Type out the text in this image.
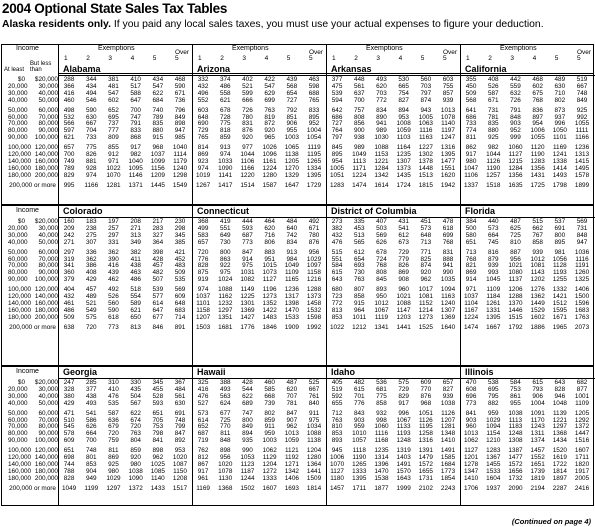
2004 Optional State Sales Tax Tables
Alaska residents only. If you paid any local sales taxes, you must use your actual expenses to figure your deduction.
Income
At least
But less than
Exemptions
1	2	3	4	5
Over 5
Exemptions
1	2	3	4	5
Over 5
Exemptions
1	2	3	4	5
Over 5
Exemptions
1	2	3	4	5
Over 5
Alabama	Arizona	Arkansas	California
$0 $20,000 288 344 381 410 434 468	332 374 402 422 439 463	377 448 493 530 560 603	355 408 442 468 489 519
20,000 30,000 366 434 481 517 547 590	432 486 521 547 568 598	475 561 620 665 703 755	450 526 559 602 630 667
30,000 40,000 416 494 547 588 622 671	496 558 599 629 654 688	539 637 703 754 797 857	509 587 632 675 710 748
40,000 50,000 460 546 602 647 684 736	552 621 666 699 727 765	594 700 772 827 874 939	568 671 726 768 802 849
50,000 60,000 498 590 652 700 740 796	603 678 726 763 792 833	642 757 834 894 943 1013	641 731 791 836 873 925
60,000 70,000 532 630 695 747 789 849	648 728 780 819 851 895	686 808 890 953 1005 1078	686 781 848 897 937 992
70,000 80,000 566 667 737 791 835 898	690 775 831 872 906 952	727 856 941 1008 1063 1140	733 835 903 954 996 1055
80,000 90,000 597 704 777 833 880 947	729 818 876 920 955 1004	764 900 989 1059 1116 1197	774 880 952 1006 1050 1111
90,000 100,000 621 733 809 868 915 985	765 859 920 965 1003 1054	797 938 1030 1103 1163 1247	811 925 999 1055 1101 1166
100,000 120,000 657 775 855 917 968 1040	814 913 977 1026 1065 1119	845 989 1088 1164 1227 1316	862 982 1060 1120 1169 1236
120,000 140,000 700 826 912 982 1037 1114	869 974 1044 1096 1138 1195	895 1049 1153 1235 1302 1395	917 1044 1127 1190 1241 1313
140,000 160,000 749 881 971 1040 1099 1179	923 1033 1106 1161 1205 1265	954 1113 1221 1307 1378 1477	980 1126 1215 1283 1338 1415
160,000 180,000 789 928 1022 1095 1156 1240	974 1090 1166 1224 1270 1334	1005 1171 1284 1373 1448 1551	1047 1190 1284 1356 1414 1495
180,000 200,000 829 974 1070 1146 1209 1298	1019 1141 1220 1280 1329 1395	1051 1224 1342 1435 1513 1620	1106 1257 1356 1431 1493 1578
200,000 or more	995 1166 1281 1371 1445 1549	1267 1417 1514 1587 1647 1729	1283 1474 1614 1724 1815 1942	1337 1518 1635 1725 1798 1899
Income	Colorado	Connecticut	District of Columbia	Florida
$0 $20,000 160 183 197 208 217 230	368 419 444 464 484 492	273 335 407 431 451 478	384 440 487 515 537 569
20,000 30,000 209 238 257 271 283 298	499 551 593 620 640 671	382 453 503 541 573 618	500 573 625 662 691 731
30,000 40,000 242 275 297 313 327 345	583 649 687 716 742 780	432 513 569 612 648 699	580 664 725 767 800 848
40,000 50,000 271 307 331 349 364 385	657 730 773 806 834 876	476 565 626 673 713 768	651 745 810 858 895 947
50,000 60,000 297 336 362 382 398 421	720 800 847 883 913 956	515 612 678 729 771 831	713 816 887 939 981 1036
60,000 70,000 319 362 390 411 428 452	776 863 914 951 984 1029	551 654 724 779 825 888	768 879 956 1012 1056 1116
70,000 80,000 341 386 416 438 457 483	828 922 975 1015 1049 1097	584 693 768 826 874 941	821 939 1021 1081 1128 1191
80,000 90,000 360 408 439 463 482 509	875 975 1031 1073 1109 1158	615 730 808 869 920 990	869 993 1080 1143 1193 1260
90,000 100,000 379 429 462 486 507 535	919 1024 1082 1127 1165 1216	643 763 845 908 962 1035	914 1045 1137 1202 1255 1325
100,000 120,000 404 457 492 518 539 569	974 1088 1149 1196 1236 1288	680 807 893 960 1017 1094	971 1109 1206 1276 1332 1406
120,000 140,000 432 489 526 554 577 609	1037 1162 1225 1273 1317 1373	723 858 950 1021 1081 1163	1037 1184 1288 1362 1421 1500
140,000 160,000 461 521 560 589 614 648	1101 1232 1301 1352 1398 1458	772 915 1012 1088 1152 1240	1104 1261 1370 1449 1512 1596
160,000 180,000 486 549 590 621 647 683	1158 1297 1369 1422 1470 1532	813 964 1067 1147 1214 1307	1167 1331 1446 1529 1595 1683
180,000 200,000 509 575 618 650 677 714	1207 1351 1427 1483 1533 1598	853 1011 1119 1203 1273 1369	1224 1395 1515 1602 1671 1763
200,000 or more	638 720 773 813 846 891	1503 1681 1776 1846 1909 1992	1022 1212 1341 1441 1525 1640	1474 1667 1792 1886 1965 2073
Income	Georgia	Hawaii	Idaho	Illinois
$0 $20,000 247 285 310 330 345 367	325 388 428 460 487 525	405 482 536 575 609 657	470 538 584 615 643 682
20,000 30,000 328 377 410 435 455 484	416 493 544 585 620 667	519 615 681 729 770 827	608 695 753 793 828 877
30,000 40,000 380 438 476 504 528 561	476 563 622 668 707 761	592 701 775 829 876 939	696 795 861 906 946 1001
40,000 50,000 429 493 535 567 593 630	527 624 689 739 781 840	655 776 858 917 968 1038	773 882 955 1004 1048 1109
50,000 60,000 471 541 587 622 651 691	573 677 747 802 847 911	712 843 932 996 1051 1126	841 959 1038 1091 1139 1205
60,000 70,000 510 586 636 674 705 748	614 725 800 859 907 975	763 903 998 1067 1126 1207	903 1029 1113 1170 1221 1292
70,000 80,000 545 626 679 720 753 799	652 770 849 911 962 1034	810 959 1060 1133 1195 1281	960 1094 1183 1243 1297 1372
80,000 90,000 578 664 720 763 798 847	687 811 894 959 1013 1088	853 1010 1116 1193 1258 1348	1013 1154 1248 1311 1368 1447
90,000 100,000 609 700 759 804 841 892	719 848 935 1003 1059 1138	893 1057 1168 1248 1316 1410	1062 1210 1308 1374 1434 1516
100,000 120,000 651 748 811 859 898 953	762 898 990 1062 1121 1204	945 1118 1235 1319 1391 1491	1127 1283 1387 1457 1520 1607
120,000 140,000 698 801 869 920 962 1020	812 956 1053 1129 1192 1280	1006 1190 1314 1403 1479 1585	1201 1367 1477 1552 1619 1711
140,000 160,000 744 853 925 980 1025 1087	867 1020 1123 1204 1271 1364	1070 1265 1396 1491 1572 1684	1278 1455 1572 1651 1722 1820
160,000 180,000 788 904 980 1038 1085 1150	917 1078 1187 1272 1342 1441	1127 1333 1470 1570 1655 1773	1347 1533 1656 1739 1814 1917
180,000 200,000 828 949 1029 1090 1140 1208	961 1130 1244 1333 1406 1509	1180 1395 1538 1643 1731 1854	1410 1604 1732 1819 1897 2005
200,000 or more 1049 1199 1297 1372 1433 1517	1169 1368 1502 1607 1693 1814	1457 1711 1877 1999 2102 2243	1706 1937 2090 2194 2287 2416
(Continued on page 4)
